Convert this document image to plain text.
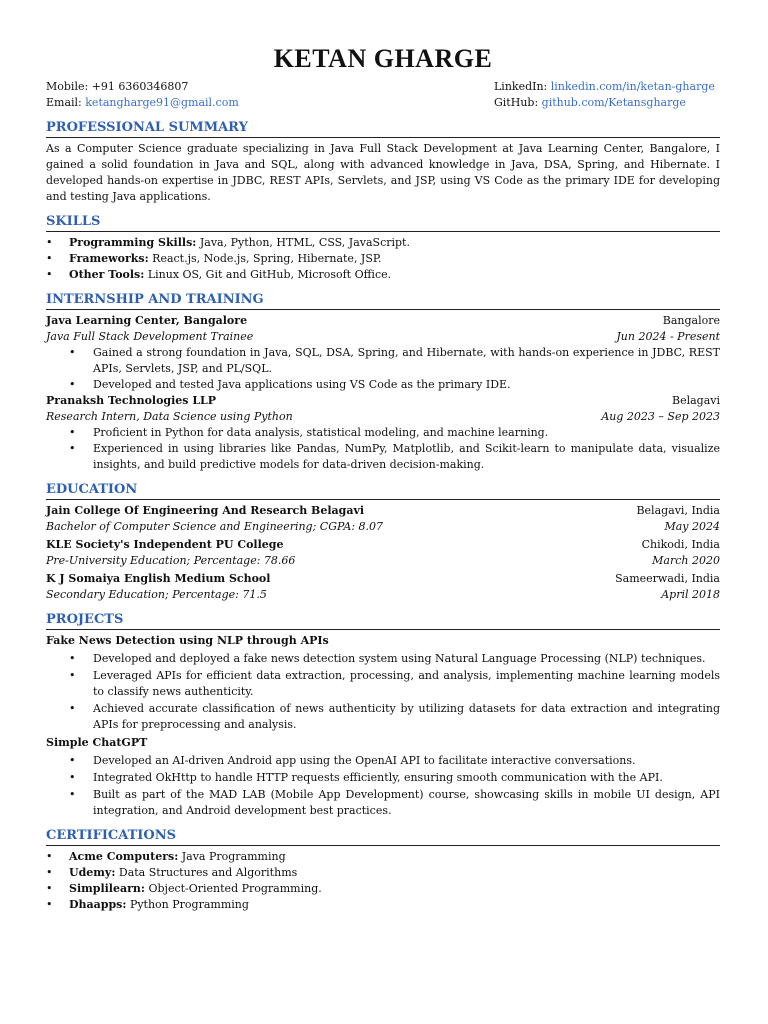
KETAN GHARGE
Mobile: +91 6360346807
Email: ketangharge91@gmail.com
LinkedIn: linkedin.com/in/ketan-gharge
GitHub: github.com/Ketansgharge
PROFESSIONAL SUMMARY

As a Computer Science graduate specializing in Java Full Stack Development at Java Learning Center, Bangalore, I gained a solid foundation in Java and SQL, along with advanced knowledge in Java, DSA, Spring, and Hibernate. I developed hands-on expertise in JDBC, REST APIs, Servlets, and JSP, using VS Code as the primary IDE for developing and testing Java applications.

SKILLS
• Programming Skills: Java, Python, HTML, CSS, JavaScript.
• Frameworks: React.js, Node.js, Spring, Hibernate, JSP.
• Other Tools: Linux OS, Git and GitHub, Microsoft Office.
INTERNSHIP AND TRAINING
Java Learning Center, Bangalore	Bangalore
Java Full Stack Development Trainee	Jun 2024 - Present
• Gained a strong foundation in Java, SQL, DSA, Spring, and Hibernate, with hands-on experience in JDBC, REST APIs, Servlets, JSP, and PL/SQL.
• Developed and tested Java applications using VS Code as the primary IDE.
Pranaksh Technologies LLP	Belagavi
Research Intern, Data Science using Python	Aug 2023 – Sep 2023
• Proficient in Python for data analysis, statistical modeling, and machine learning.
• Experienced in using libraries like Pandas, NumPy, Matplotlib, and Scikit-learn to manipulate data, visualize insights, and build predictive models for data-driven decision-making.
EDUCATION
Jain College Of Engineering And Research Belagavi	Belagavi, India
Bachelor of Computer Science and Engineering; CGPA: 8.07	May 2024
KLE Society's Independent PU College	Chikodi, India
Pre-University Education; Percentage: 78.66	March 2020
K J Somaiya English Medium School	Sameerwadi, India
Secondary Education; Percentage: 71.5	April 2018
PROJECTS
Fake News Detection using NLP through APIs
• Developed and deployed a fake news detection system using Natural Language Processing (NLP) techniques.
• Leveraged APIs for efficient data extraction, processing, and analysis, implementing machine learning models to classify news authenticity.
• Achieved accurate classification of news authenticity by utilizing datasets for data extraction and integrating APIs for preprocessing and analysis.
Simple ChatGPT
• Developed an AI-driven Android app using the OpenAI API to facilitate interactive conversations.
• Integrated OkHttp to handle HTTP requests efficiently, ensuring smooth communication with the API.
• Built as part of the MAD LAB (Mobile App Development) course, showcasing skills in mobile UI design, API integration, and Android development best practices.
CERTIFICATIONS
• Acme Computers: Java Programming
• Udemy: Data Structures and Algorithms
• Simplilearn: Object-Oriented Programming.
• Dhaapps: Python Programming
